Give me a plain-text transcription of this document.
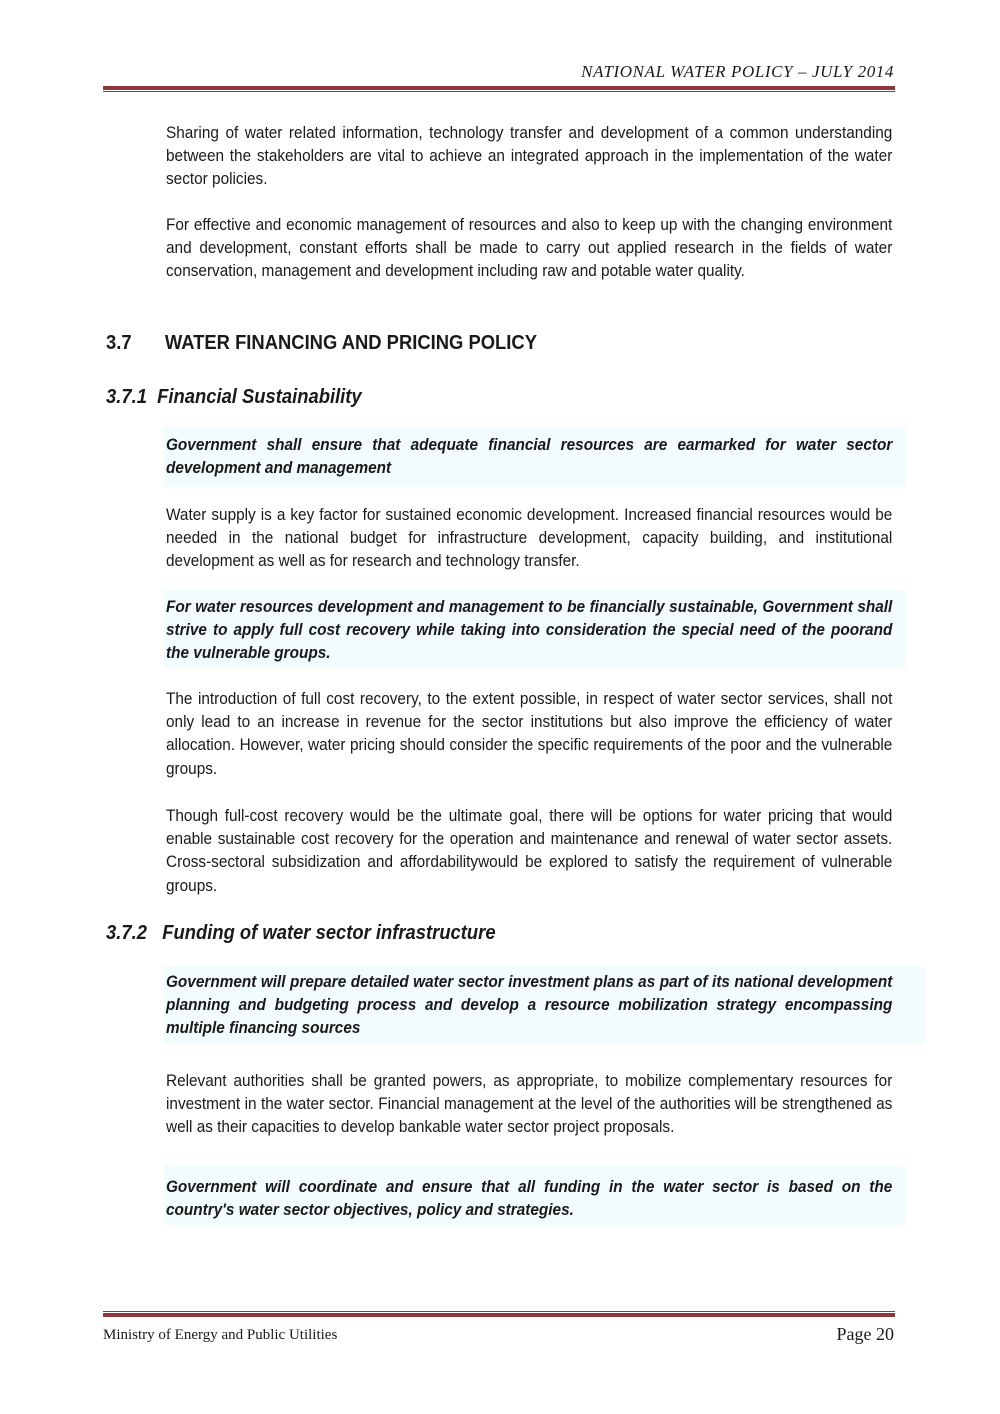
NATIONAL WATER POLICY – JULY 2014

Sharing of water related information, technology transfer and development of a common understanding between the stakeholders are vital to achieve an integrated approach in the implementation of the water sector policies.

For effective and economic management of resources and also to keep up with the changing environment and development, constant efforts shall be made to carry out applied research in the fields of water conservation, management and development including raw and potable water quality.

3.7 WATER FINANCING AND PRICING POLICY
3.7.1 Financial Sustainability

Government shall ensure that adequate financial resources are earmarked for water sector development and management

Water supply is a key factor for sustained economic development. Increased financial resources would be needed in the national budget for infrastructure development, capacity building, and institutional development as well as for research and technology transfer.

For water resources development and management to be financially sustainable, Government shall strive to apply full cost recovery while taking into consideration the special need of the poorand the vulnerable groups.

The introduction of full cost recovery, to the extent possible, in respect of water sector services, shall not only lead to an increase in revenue for the sector institutions but also improve the efficiency of water allocation. However, water pricing should consider the specific requirements of the poor and the vulnerable groups.

Though full-cost recovery would be the ultimate goal, there will be options for water pricing that would enable sustainable cost recovery for the operation and maintenance and renewal of water sector assets. Cross-sectoral subsidization and affordabilitywould be explored to satisfy the requirement of vulnerable groups.

3.7.2 Funding of water sector infrastructure

Government will prepare detailed water sector investment plans as part of its national development planning and budgeting process and develop a resource mobilization strategy encompassing multiple financing sources

Relevant authorities shall be granted powers, as appropriate, to mobilize complementary resources for investment in the water sector. Financial management at the level of the authorities will be strengthened as well as their capacities to develop bankable water sector project proposals.

Government will coordinate and ensure that all funding in the water sector is based on the country's water sector objectives, policy and strategies.

Ministry of Energy and Public Utilities	Page 20
